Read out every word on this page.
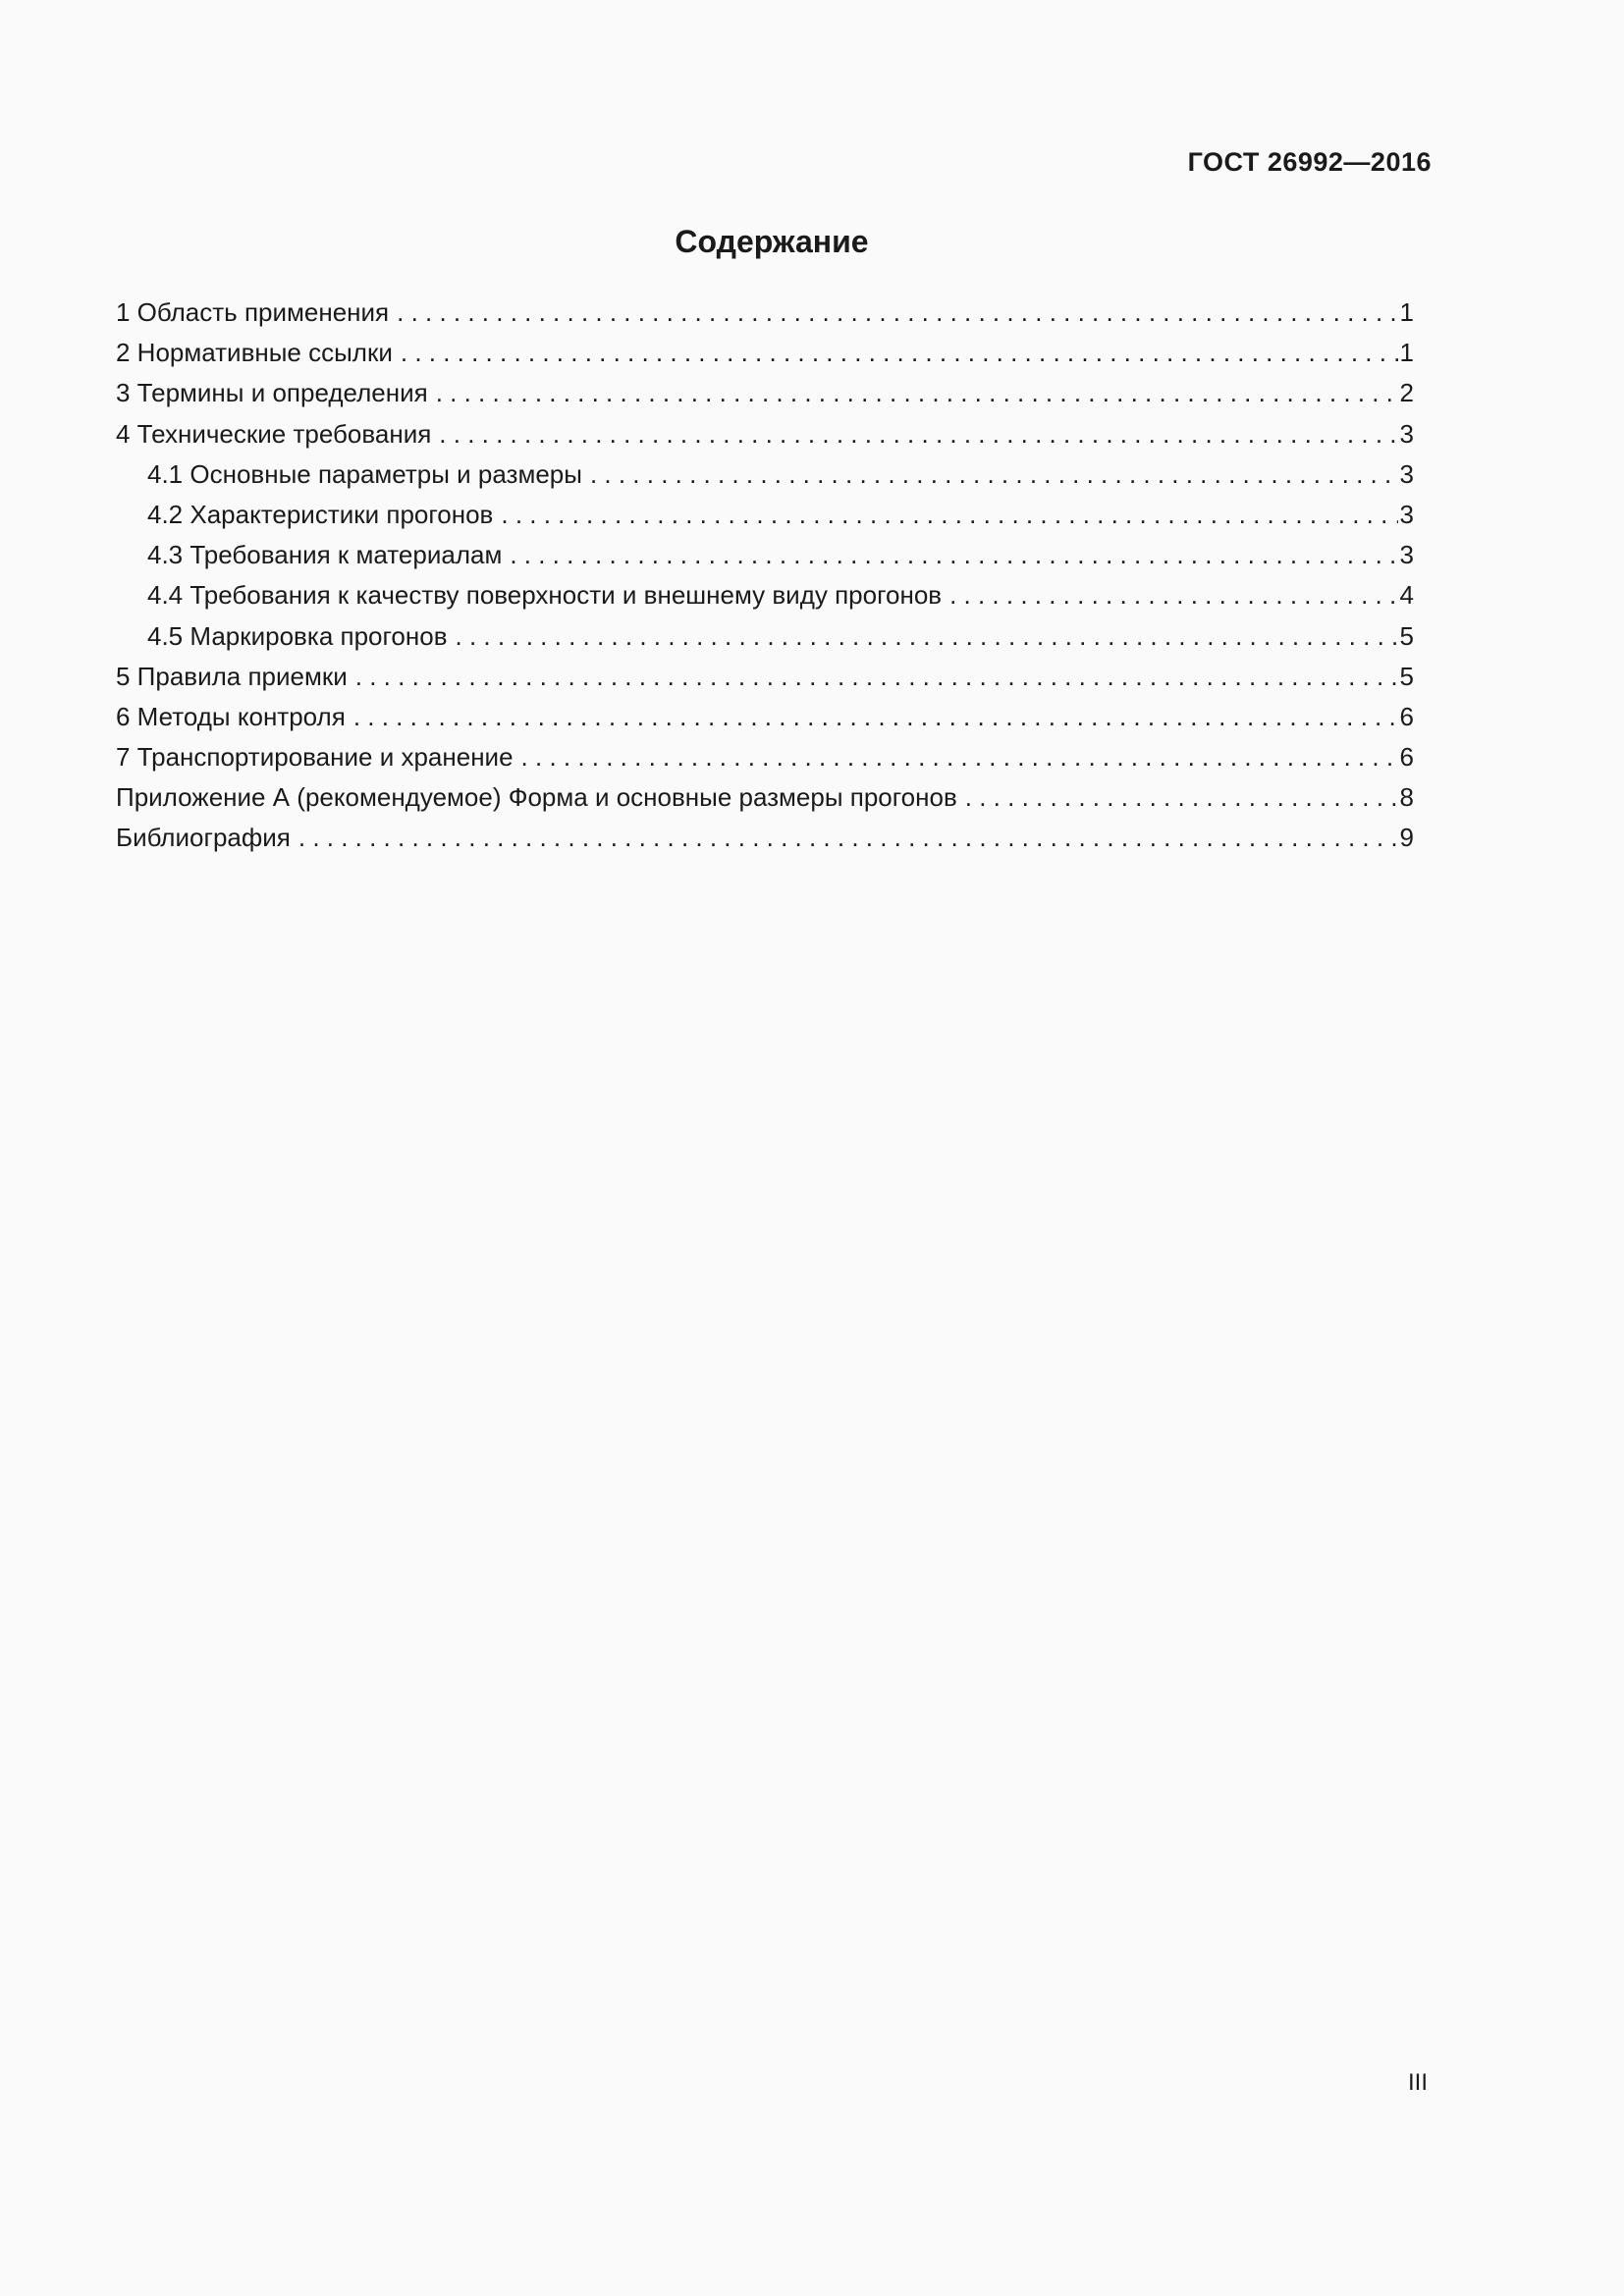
ГОСТ 26992—2016
Содержание
1 Область применения . . .	1
2 Нормативные ссылки . . .	1
3 Термины и определения . . .	2
4 Технические требования . . .	3
4.1 Основные параметры и размеры . . .	3
4.2 Характеристики прогонов . . .	3
4.3 Требования к материалам . . .	3
4.4 Требования к качеству поверхности и внешнему виду прогонов . . .	4
4.5 Маркировка прогонов . . .	5
5 Правила приемки . . .	5
6 Методы контроля . . .	6
7 Транспортирование и хранение . . .	6
Приложение А (рекомендуемое) Форма и основные размеры прогонов . . .	8
Библиография . . .	9
III
